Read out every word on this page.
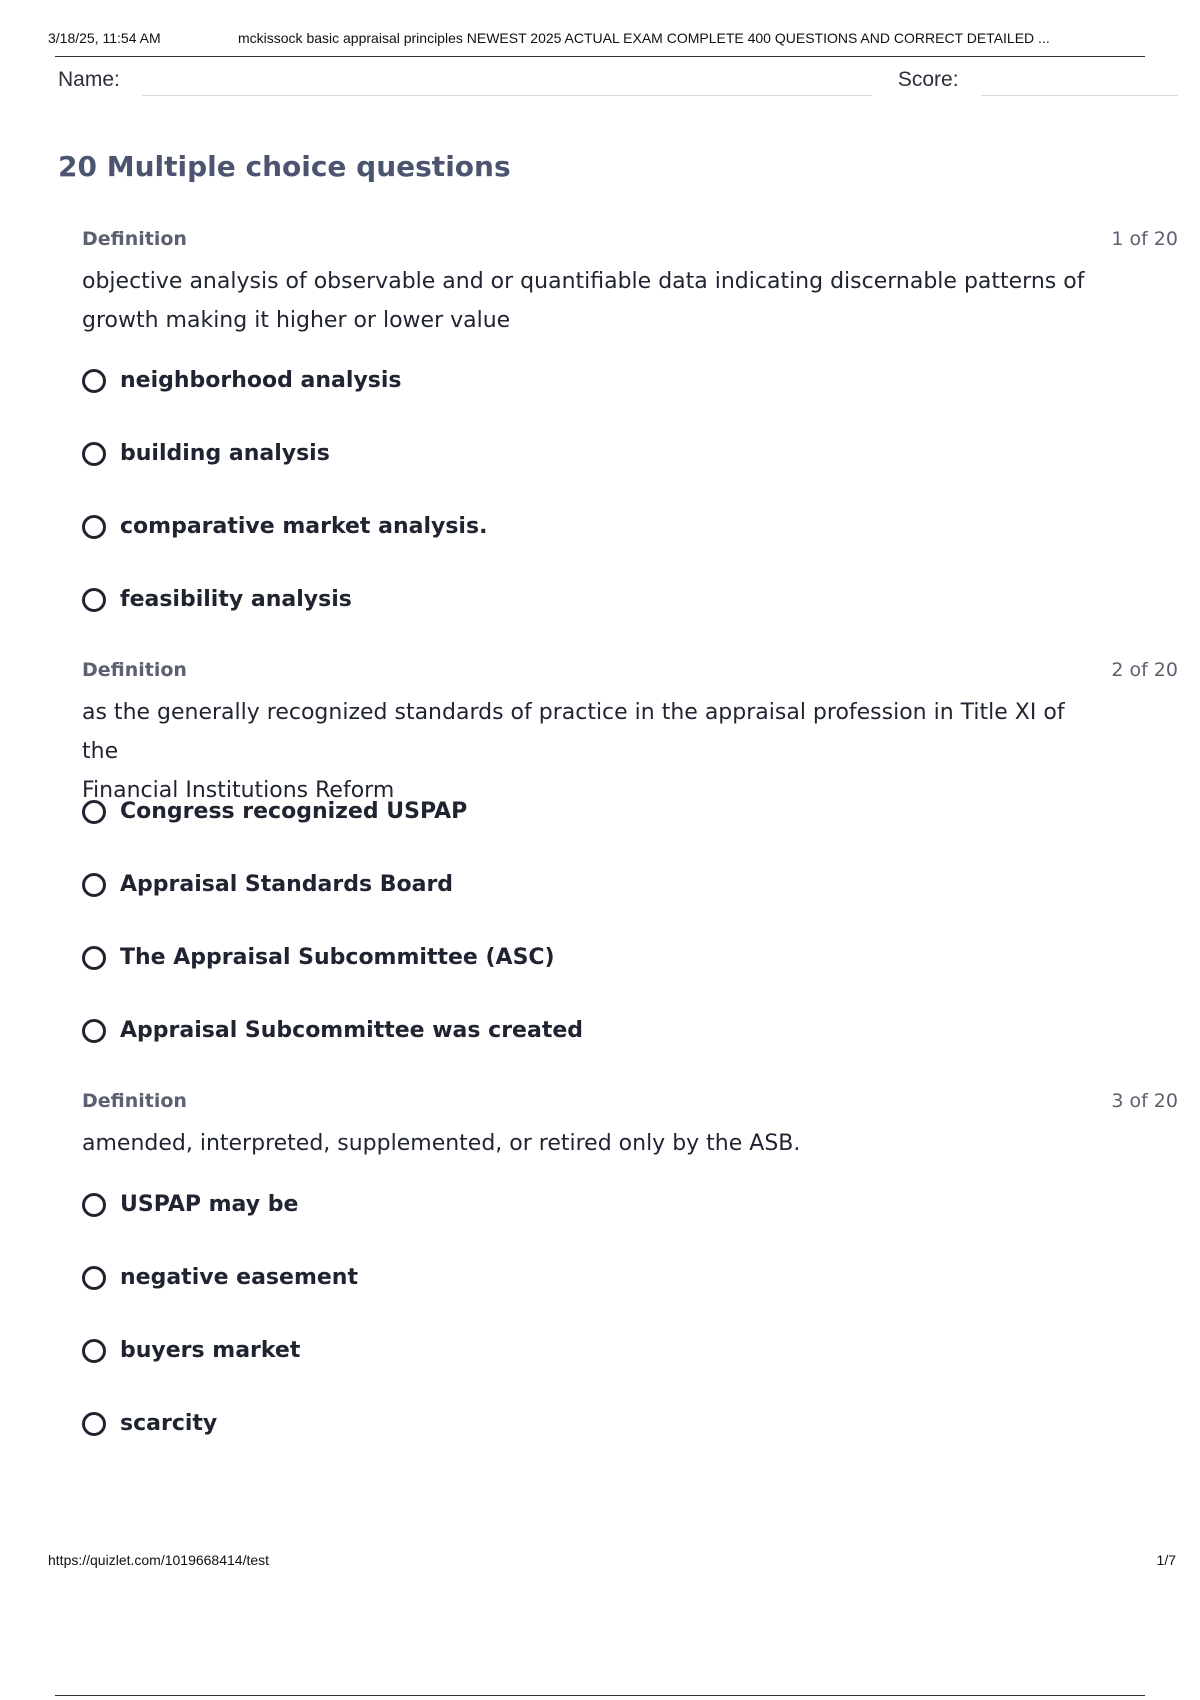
3/18/25, 11:54 AM	mckissock basic appraisal principles NEWEST 2025 ACTUAL EXAM COMPLETE 400 QUESTIONS AND CORRECT DETAILED ...
Name:	Score:
20 Multiple choice questions
Definition	1 of 20
objective analysis of observable and or quantifiable data indicating discernable patterns of
growth making it higher or lower value
neighborhood analysis
building analysis
comparative market analysis.
feasibility analysis
Definition	2 of 20
as the generally recognized standards of practice in the appraisal profession in Title XI of the
Financial Institutions Reform
Congress recognized USPAP
Appraisal Standards Board
The Appraisal Subcommittee (ASC)
Appraisal Subcommittee was created
Definition	3 of 20
amended, interpreted, supplemented, or retired only by the ASB.
USPAP may be
negative easement
buyers market
scarcity
https://quizlet.com/1019668414/test	1/7
